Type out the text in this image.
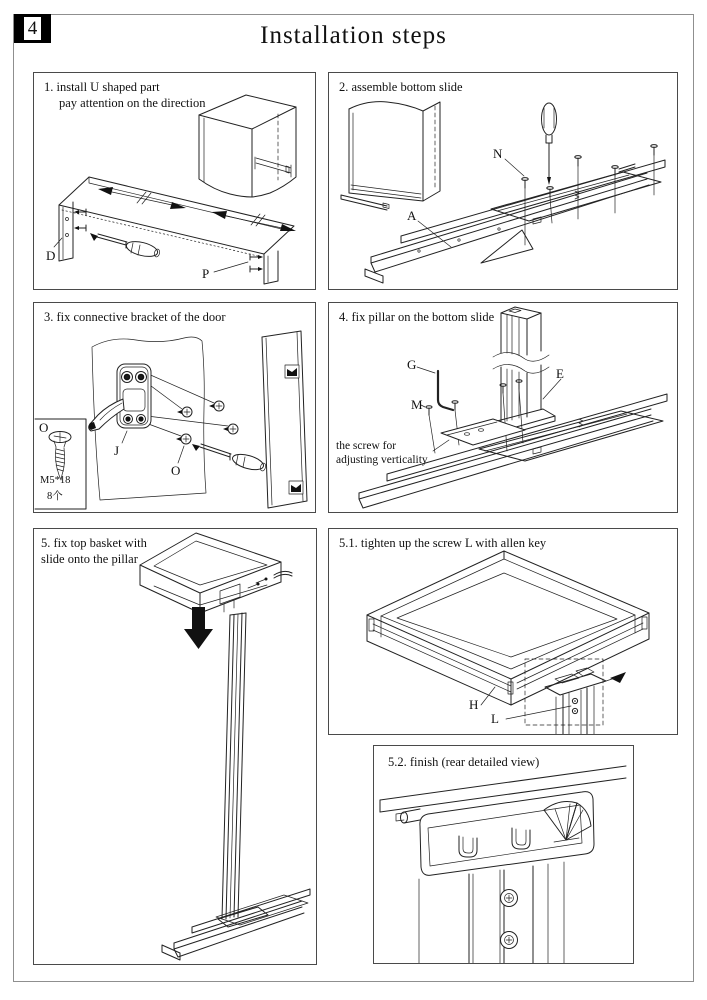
4	Installation steps
1. install U shaped part
pay attention on the direction
D
P
2. assemble bottom slide
N
A
3. fix connective bracket of the door
O
M5*18
8个
J
O
4. fix pillar on the bottom slide
G
M
E
the screw for
adjusting verticality
5. fix top basket with
slide onto the pillar
5.1. tighten up the screw L with allen key
H
L
5.2. finish (rear detailed view)
